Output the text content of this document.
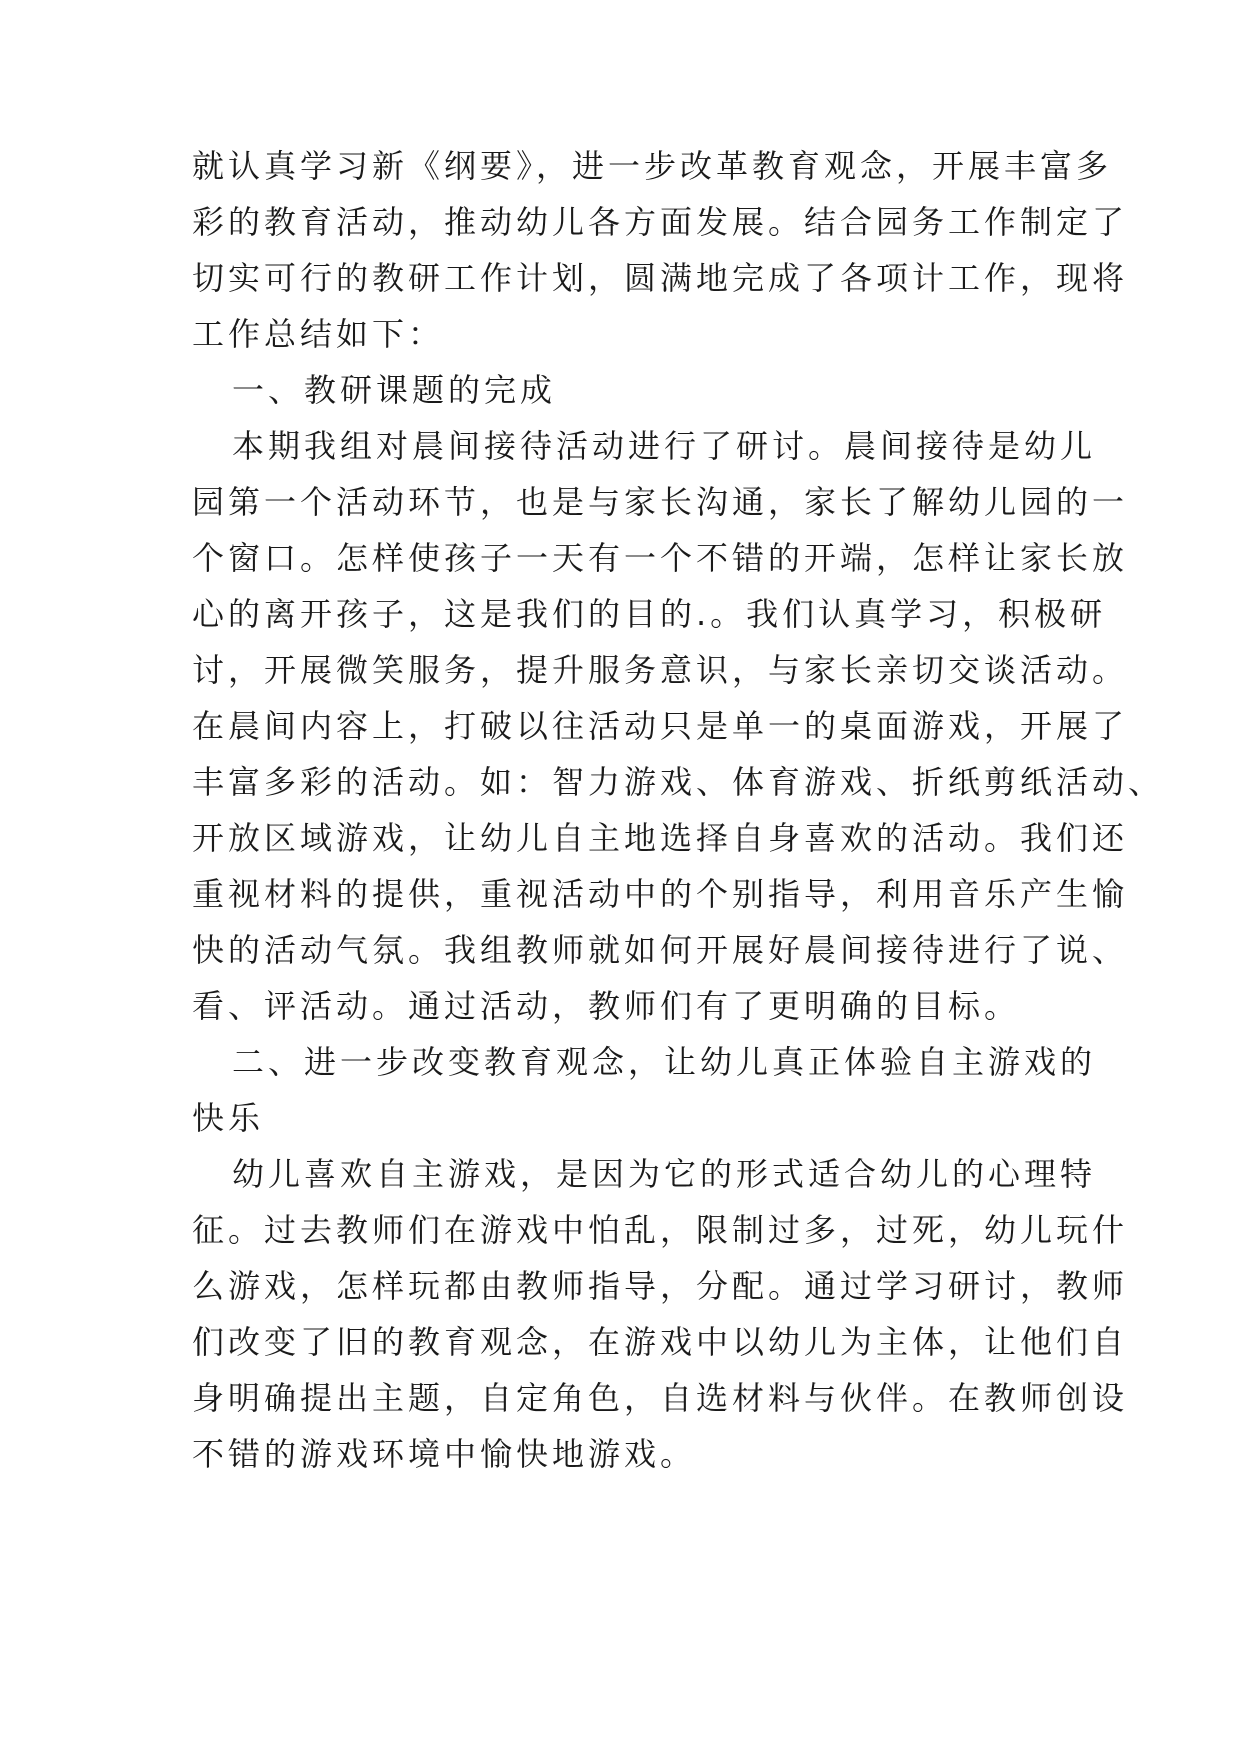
就认真学习新《纲要》，进一步改革教育观念，开展丰富多
彩的教育活动，推动幼儿各方面发展。结合园务工作制定了
切实可行的教研工作计划，圆满地完成了各项计工作，现将
工作总结如下：
一、教研课题的完成
本期我组对晨间接待活动进行了研讨。晨间接待是幼儿
园第一个活动环节，也是与家长沟通，家长了解幼儿园的一
个窗口。怎样使孩子一天有一个不错的开端，怎样让家长放
心的离开孩子，这是我们的目的.。我们认真学习，积极研
讨，开展微笑服务，提升服务意识，与家长亲切交谈活动。
在晨间内容上，打破以往活动只是单一的桌面游戏，开展了
丰富多彩的活动。如：智力游戏、体育游戏、折纸剪纸活动、
开放区域游戏，让幼儿自主地选择自身喜欢的活动。我们还
重视材料的提供，重视活动中的个别指导，利用音乐产生愉
快的活动气氛。我组教师就如何开展好晨间接待进行了说、
看、评活动。通过活动，教师们有了更明确的目标。
二、进一步改变教育观念，让幼儿真正体验自主游戏的
快乐
幼儿喜欢自主游戏，是因为它的形式适合幼儿的心理特
征。过去教师们在游戏中怕乱，限制过多，过死，幼儿玩什
么游戏，怎样玩都由教师指导，分配。通过学习研讨，教师
们改变了旧的教育观念，在游戏中以幼儿为主体，让他们自
身明确提出主题，自定角色，自选材料与伙伴。在教师创设
不错的游戏环境中愉快地游戏。
